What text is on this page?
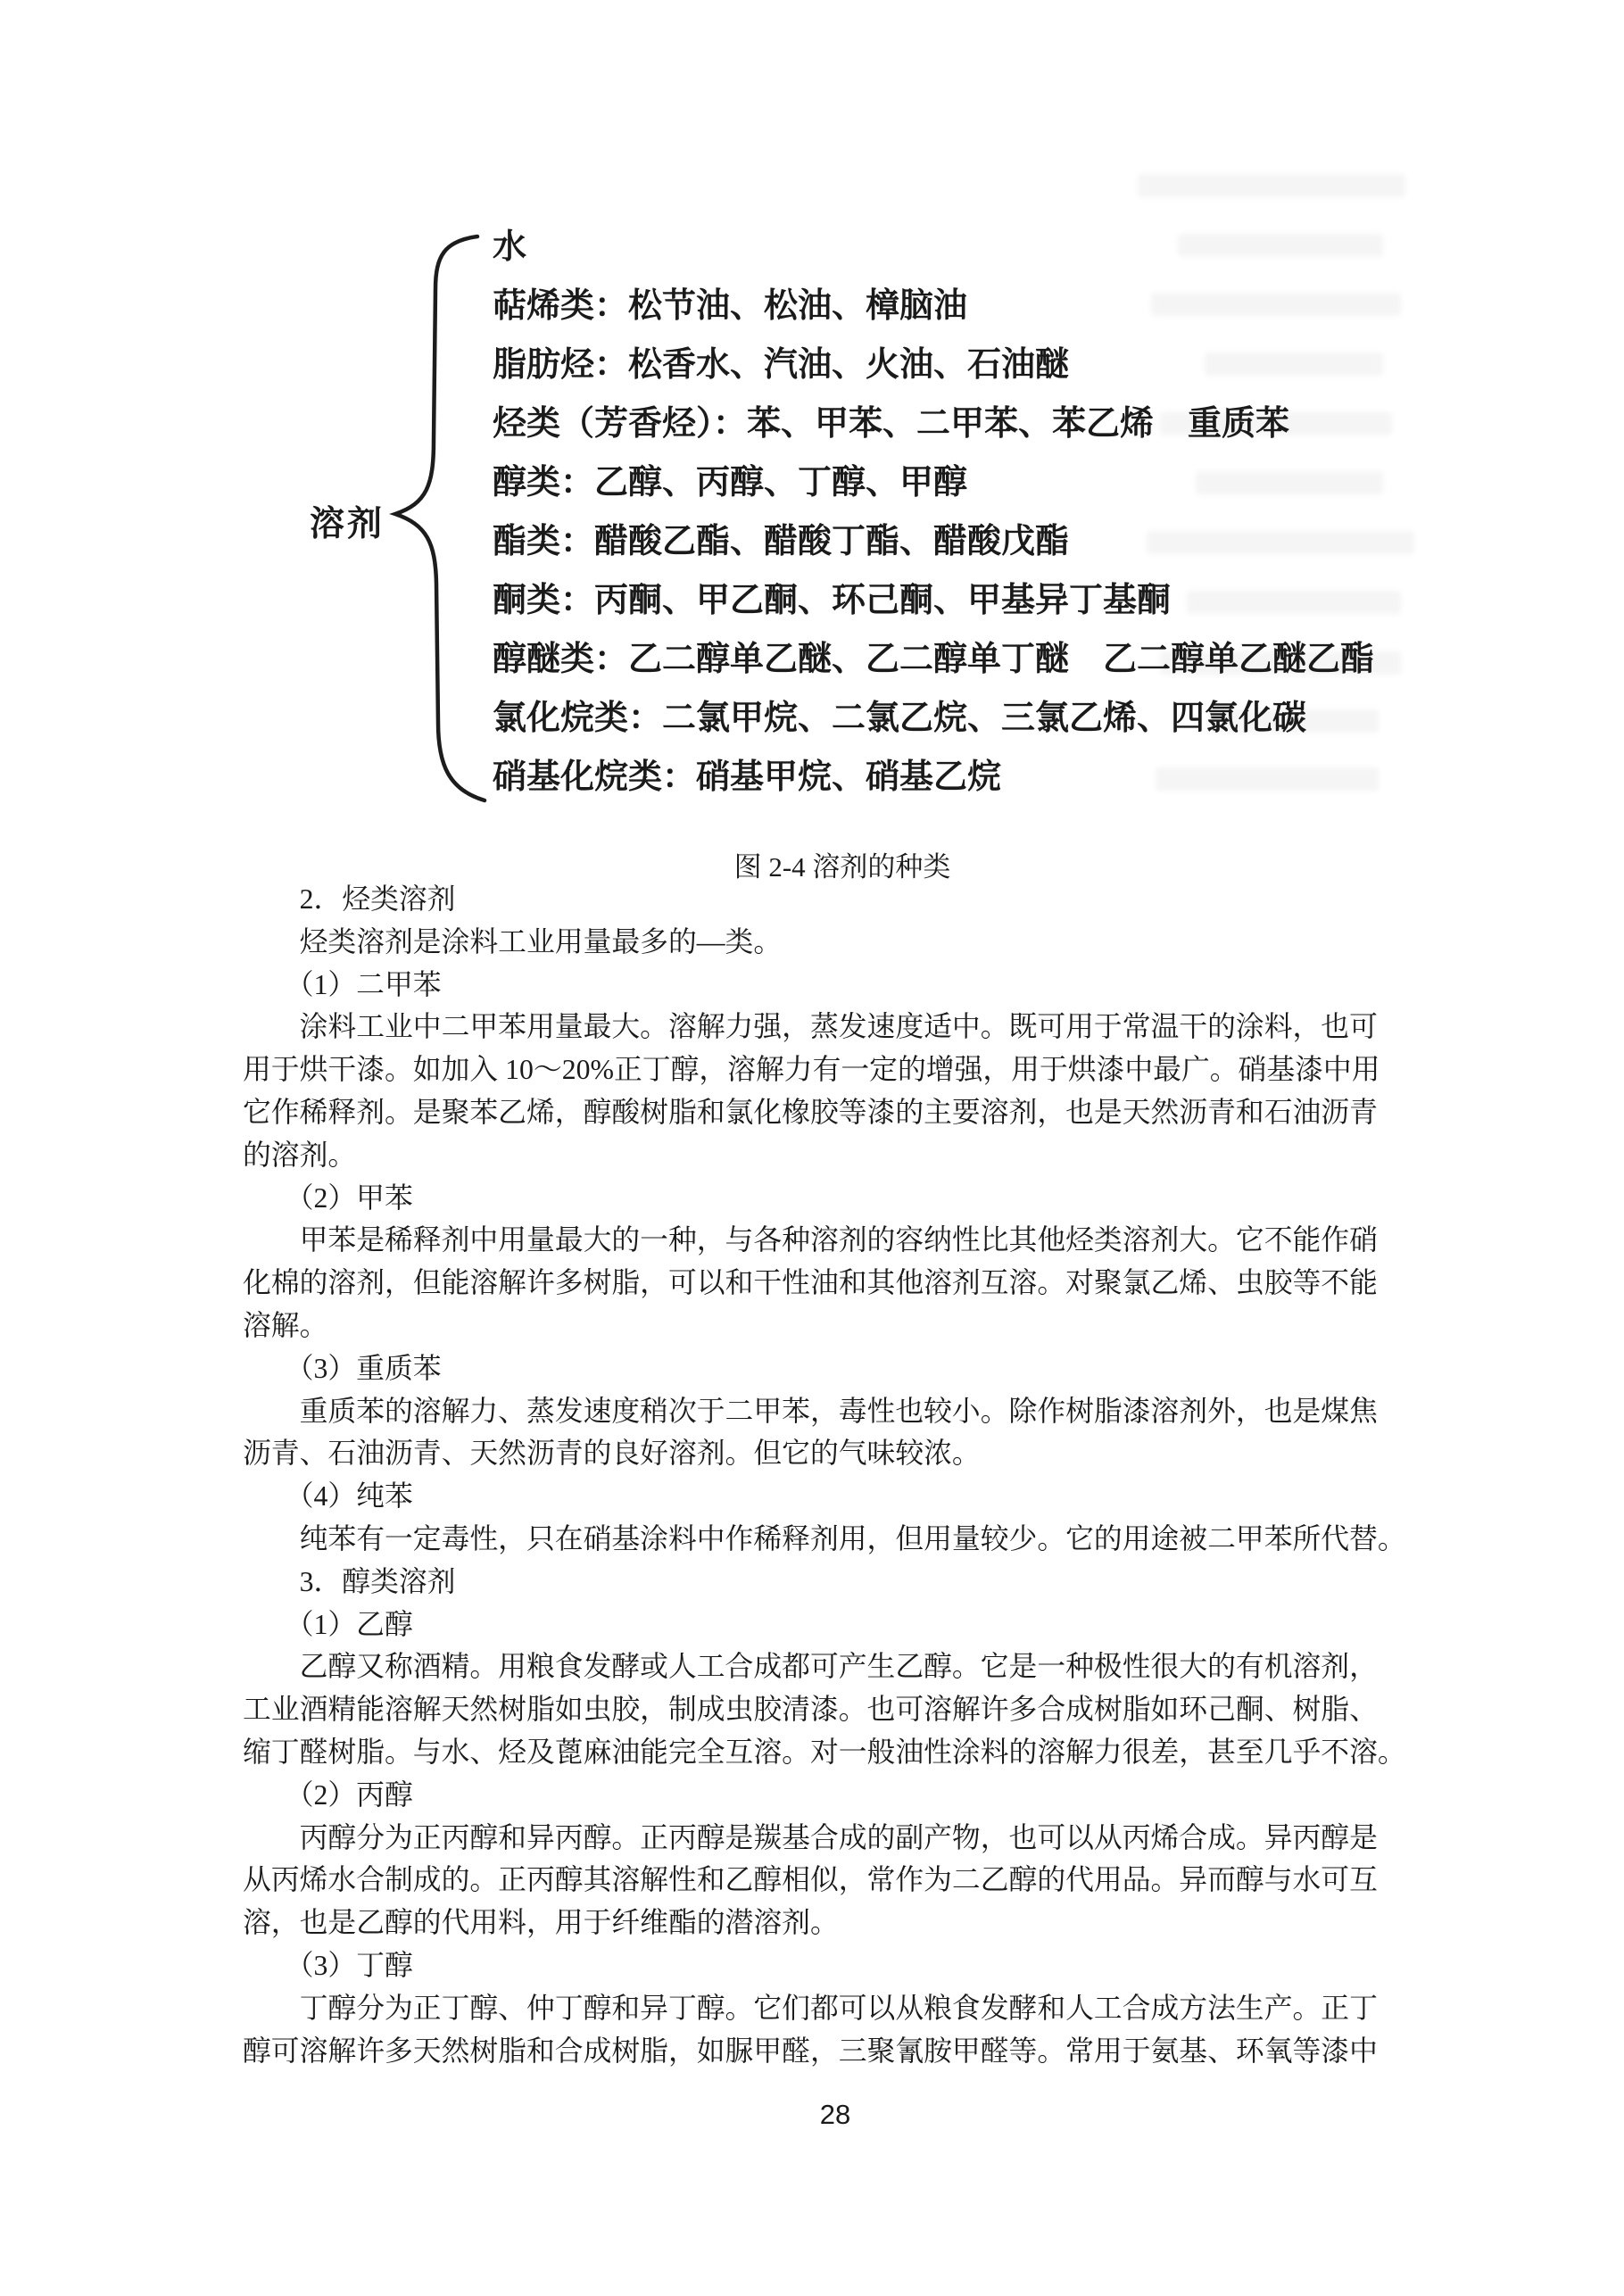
溶剂
水
萜烯类：松节油、松油、樟脑油
脂肪烃：松香水、汽油、火油、石油醚
烃类（芳香烃）：苯、甲苯、二甲苯、苯乙烯　重质苯
醇类：乙醇、丙醇、丁醇、甲醇
酯类：醋酸乙酯、醋酸丁酯、醋酸戊酯
酮类：丙酮、甲乙酮、环己酮、甲基异丁基酮
醇醚类：乙二醇单乙醚、乙二醇单丁醚　乙二醇单乙醚乙酯
氯化烷类：二氯甲烷、二氯乙烷、三氯乙烯、四氯化碳
硝基化烷类：硝基甲烷、硝基乙烷
图 2-4 溶剂的种类
　　2．烃类溶剂
　　烃类溶剂是涂料工业用量最多的—类。
　　（1）二甲苯
　　涂料工业中二甲苯用量最大。溶解力强，蒸发速度适中。既可用于常温干的涂料，也可
用于烘干漆。如加入 10～20%正丁醇，溶解力有一定的增强，用于烘漆中最广。硝基漆中用
它作稀释剂。是聚苯乙烯，醇酸树脂和氯化橡胶等漆的主要溶剂，也是天然沥青和石油沥青
的溶剂。
　　（2）甲苯
　　甲苯是稀释剂中用量最大的一种，与各种溶剂的容纳性比其他烃类溶剂大。它不能作硝
化棉的溶剂，但能溶解许多树脂，可以和干性油和其他溶剂互溶。对聚氯乙烯、虫胶等不能
溶解。
　　（3）重质苯
　　重质苯的溶解力、蒸发速度稍次于二甲苯，毒性也较小。除作树脂漆溶剂外，也是煤焦
沥青、石油沥青、天然沥青的良好溶剂。但它的气味较浓。
　　（4）纯苯
　　纯苯有一定毒性，只在硝基涂料中作稀释剂用，但用量较少。它的用途被二甲苯所代替。
　　3．醇类溶剂
　　（1）乙醇
　　乙醇又称酒精。用粮食发酵或人工合成都可产生乙醇。它是一种极性很大的有机溶剂，
工业酒精能溶解天然树脂如虫胶，制成虫胶清漆。也可溶解许多合成树脂如环己酮、树脂、
缩丁醛树脂。与水、烃及蓖麻油能完全互溶。对一般油性涂料的溶解力很差，甚至几乎不溶。
　　（2）丙醇
　　丙醇分为正丙醇和异丙醇。正丙醇是羰基合成的副产物，也可以从丙烯合成。异丙醇是
从丙烯水合制成的。正丙醇其溶解性和乙醇相似，常作为二乙醇的代用品。异而醇与水可互
溶，也是乙醇的代用料，用于纤维酯的潜溶剂。
　　（3）丁醇
　　丁醇分为正丁醇、仲丁醇和异丁醇。它们都可以从粮食发酵和人工合成方法生产。正丁
醇可溶解许多天然树脂和合成树脂，如脲甲醛，三聚氰胺甲醛等。常用于氨基、环氧等漆中
28
